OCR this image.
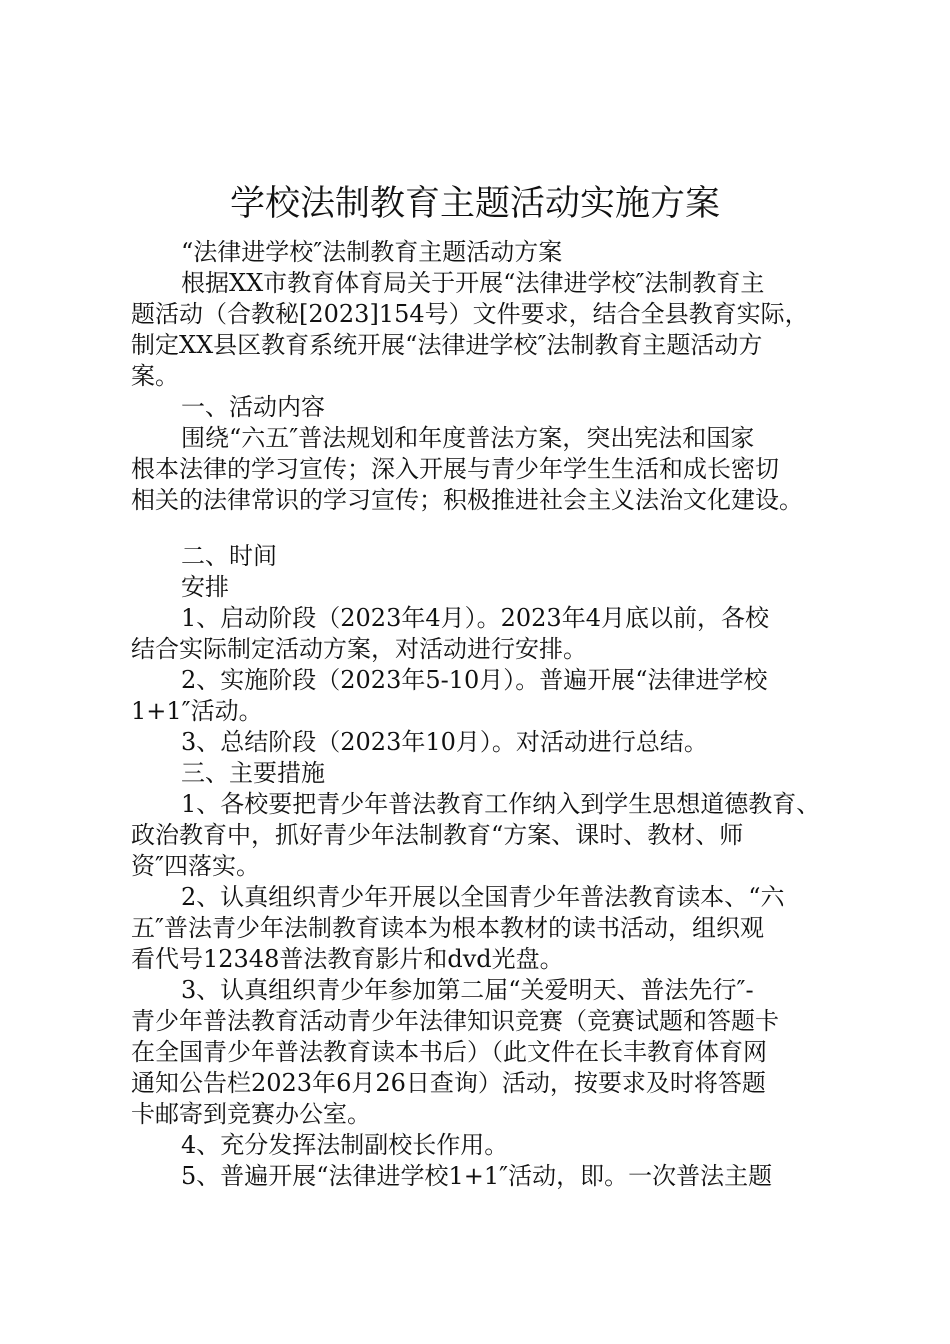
学校法制教育主题活动实施方案
“法律进学校″法制教育主题活动方案
根据XX市教育体育局关于开展“法律进学校″法制教育主
题活动（合教秘[2023]154号）文件要求，结合全县教育实际，
制定XX县区教育系统开展“法律进学校″法制教育主题活动方
案。
一、活动内容
围绕“六五″普法规划和年度普法方案，突出宪法和国家
根本法律的学习宣传；深入开展与青少年学生生活和成长密切
相关的法律常识的学习宣传；积极推进社会主义法治文化建设。
二、时间
安排
1、启动阶段（2023年4月）。2023年4月底以前，各校
结合实际制定活动方案，对活动进行安排。
2、实施阶段（2023年5-10月）。普遍开展“法律进学校
1+1″活动。
3、总结阶段（2023年10月）。对活动进行总结。
三、主要措施
1、各校要把青少年普法教育工作纳入到学生思想道德教育、
政治教育中，抓好青少年法制教育“方案、课时、教材、师
资″四落实。
2、认真组织青少年开展以全国青少年普法教育读本、“六
五″普法青少年法制教育读本为根本教材的读书活动，组织观
看代号12348普法教育影片和dvd光盘。
3、认真组织青少年参加第二届“关爱明天、普法先行″-
青少年普法教育活动青少年法律知识竞赛（竞赛试题和答题卡
在全国青少年普法教育读本书后）（此文件在长丰教育体育网
通知公告栏2023年6月26日查询）活动，按要求及时将答题
卡邮寄到竞赛办公室。
4、充分发挥法制副校长作用。
5、普遍开展“法律进学校1+1″活动，即。一次普法主题
